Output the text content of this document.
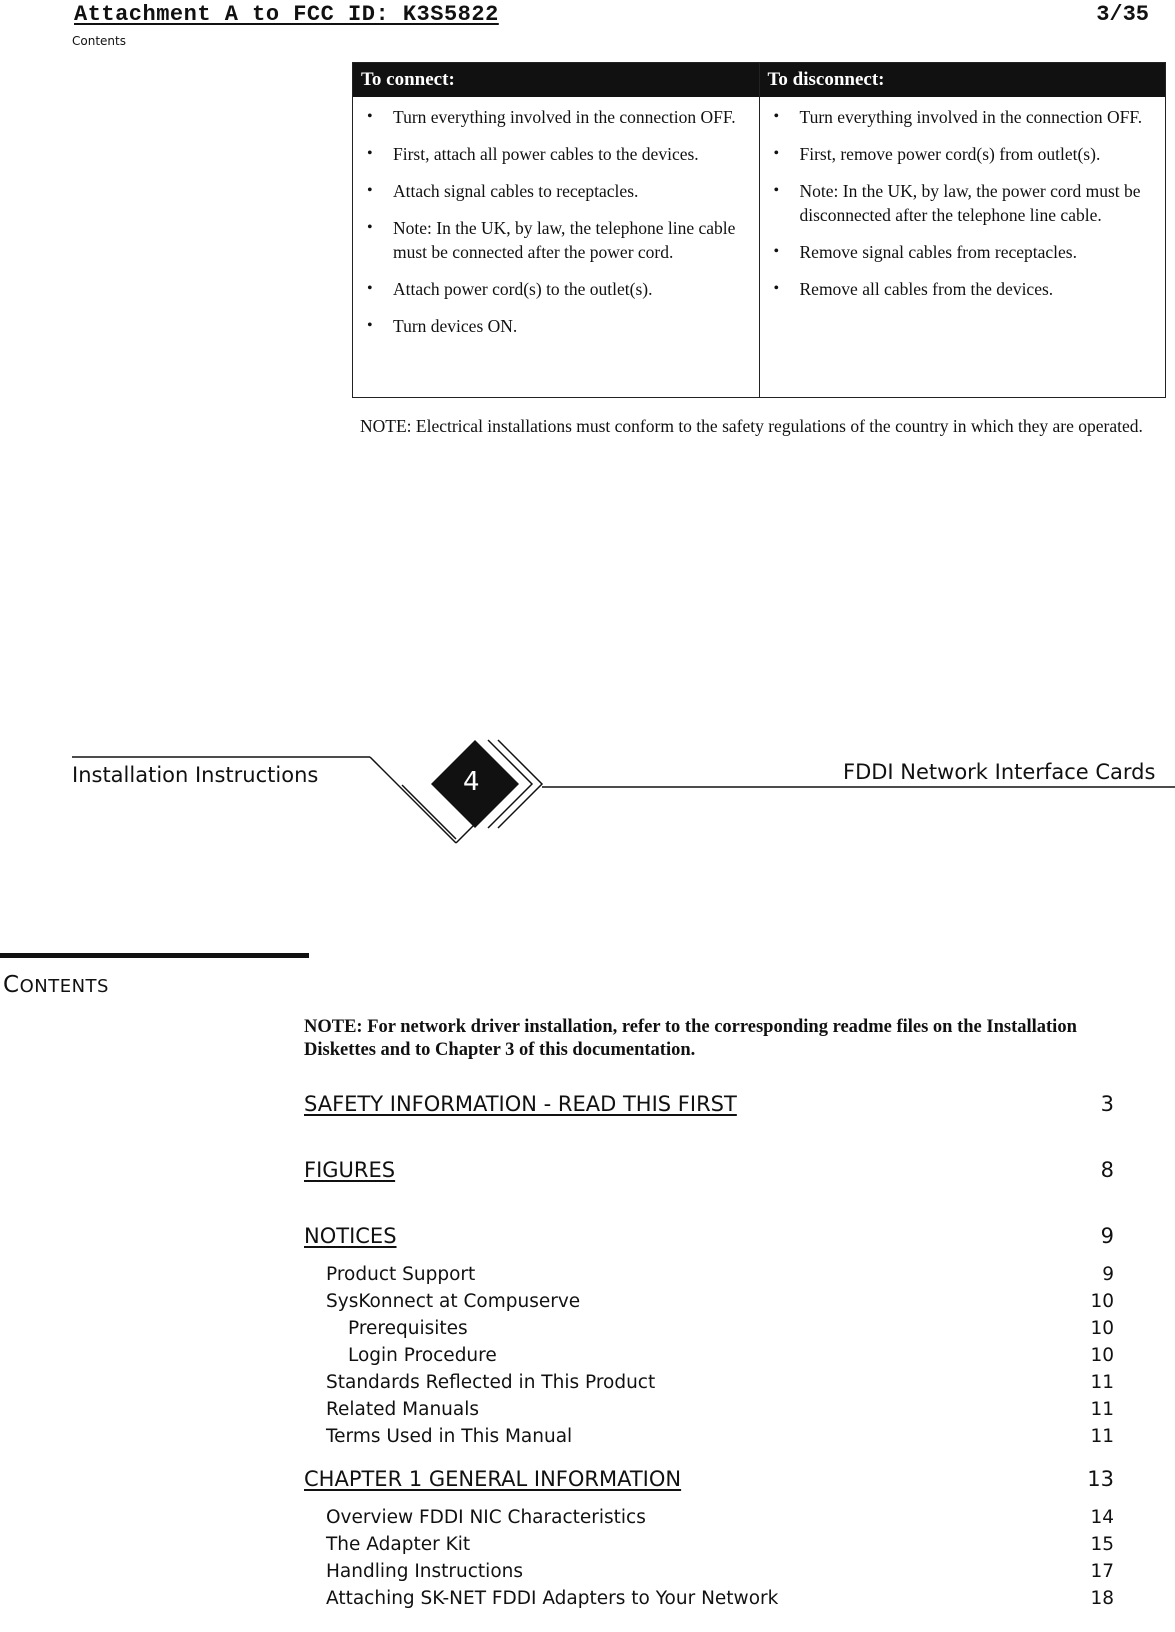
Attachment A to FCC ID: K3S5822	3/35
Contents
To connect:
• Turn everything involved in the connection OFF.
• First, attach all power cables to the devices.
• Attach signal cables to receptacles.
• Note: In the UK, by law, the telephone line cable must be connected after the power cord.
• Attach power cord(s) to the outlet(s).
• Turn devices ON.
To disconnect:
• Turn everything involved in the connection OFF.
• First, remove power cord(s) from outlet(s).
• Note: In the UK, by law, the power cord must be disconnected after the telephone line cable.
• Remove signal cables from receptacles.
• Remove all cables from the devices.
NOTE: Electrical installations must conform to the safety regulations of the country in which they are operated.
Installation Instructions	4	FDDI Network Interface Cards
CONTENTS
NOTE: For network driver installation, refer to the corresponding readme files on the Installation Diskettes and to Chapter 3 of this documentation.
SAFETY INFORMATION - READ THIS FIRST	3
FIGURES	8
NOTICES	9
Product Support	9
SysKonnect at Compuserve	10
Prerequisites	10
Login Procedure	10
Standards Reflected in This Product	11
Related Manuals	11
Terms Used in This Manual	11
CHAPTER 1 GENERAL INFORMATION	13
Overview FDDI NIC Characteristics	14
The Adapter Kit	15
Handling Instructions	17
Attaching SK-NET FDDI Adapters to Your Network	18
